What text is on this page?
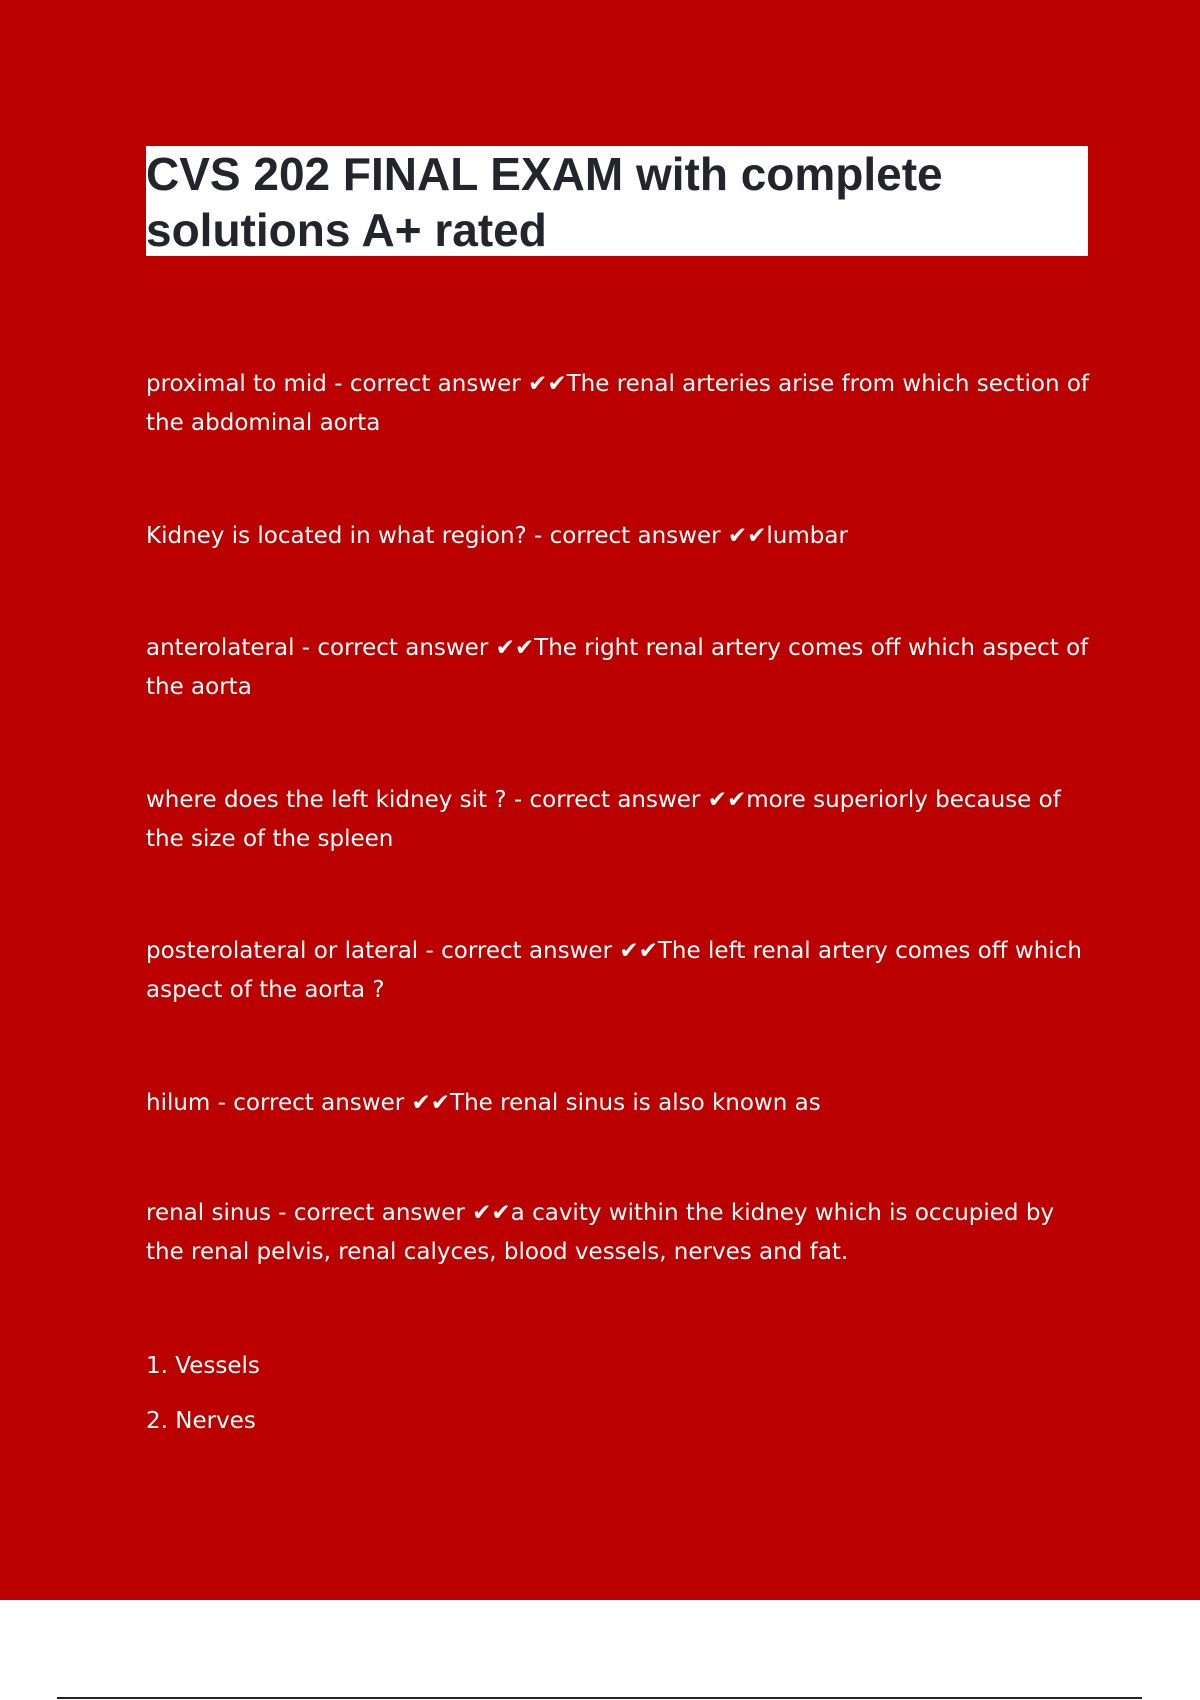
CVS 202 FINAL EXAM with complete solutions A+ rated

proximal to mid - correct answer ✔✔The renal arteries arise from which section of the abdominal aorta

Kidney is located in what region? - correct answer ✔✔lumbar

anterolateral - correct answer ✔✔The right renal artery comes off which aspect of the aorta

where does the left kidney sit ? - correct answer ✔✔more superiorly because of the size of the spleen

posterolateral or lateral - correct answer ✔✔The left renal artery comes off which aspect of the aorta ?

hilum - correct answer ✔✔The renal sinus is also known as

renal sinus - correct answer ✔✔a cavity within the kidney which is occupied by the renal pelvis, renal calyces, blood vessels, nerves and fat.

1. Vessels

2. Nerves
